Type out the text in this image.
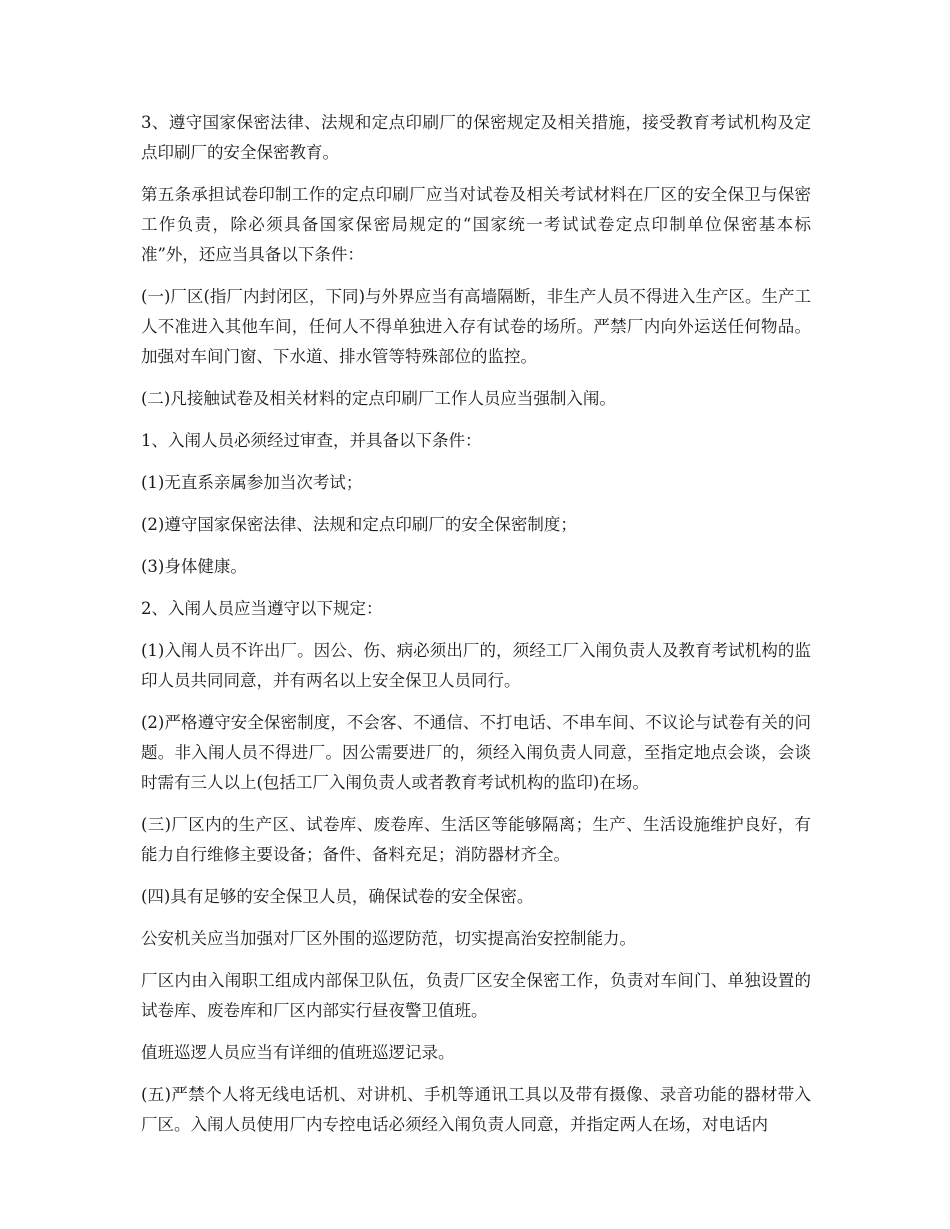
3、遵守国家保密法律、法规和定点印刷厂的保密规定及相关措施，接受教育考试机构及定点印刷厂的安全保密教育。

第五条承担试卷印制工作的定点印刷厂应当对试卷及相关考试材料在厂区的安全保卫与保密工作负责，除必须具备国家保密局规定的“国家统一考试试卷定点印制单位保密基本标准”外，还应当具备以下条件：

(一)厂区(指厂内封闭区，下同)与外界应当有高墙隔断，非生产人员不得进入生产区。生产工人不准进入其他车间，任何人不得单独进入存有试卷的场所。严禁厂内向外运送任何物品。加强对车间门窗、下水道、排水管等特殊部位的监控。

(二)凡接触试卷及相关材料的定点印刷厂工作人员应当强制入闱。

1、入闱人员必须经过审查，并具备以下条件：

(1)无直系亲属参加当次考试；

(2)遵守国家保密法律、法规和定点印刷厂的安全保密制度；

(3)身体健康。

2、入闱人员应当遵守以下规定：

(1)入闱人员不许出厂。因公、伤、病必须出厂的，须经工厂入闱负责人及教育考试机构的监印人员共同同意，并有两名以上安全保卫人员同行。

(2)严格遵守安全保密制度，不会客、不通信、不打电话、不串车间、不议论与试卷有关的问题。非入闱人员不得进厂。因公需要进厂的，须经入闱负责人同意，至指定地点会谈，会谈时需有三人以上(包括工厂入闱负责人或者教育考试机构的监印)在场。

(三)厂区内的生产区、试卷库、废卷库、生活区等能够隔离；生产、生活设施维护良好，有能力自行维修主要设备；备件、备料充足；消防器材齐全。

(四)具有足够的安全保卫人员，确保试卷的安全保密。

公安机关应当加强对厂区外围的巡逻防范，切实提高治安控制能力。

厂区内由入闱职工组成内部保卫队伍，负责厂区安全保密工作，负责对车间门、单独设置的试卷库、废卷库和厂区内部实行昼夜警卫值班。

值班巡逻人员应当有详细的值班巡逻记录。

(五)严禁个人将无线电话机、对讲机、手机等通讯工具以及带有摄像、录音功能的器材带入厂区。入闱人员使用厂内专控电话必须经入闱负责人同意，并指定两人在场，对电话内
